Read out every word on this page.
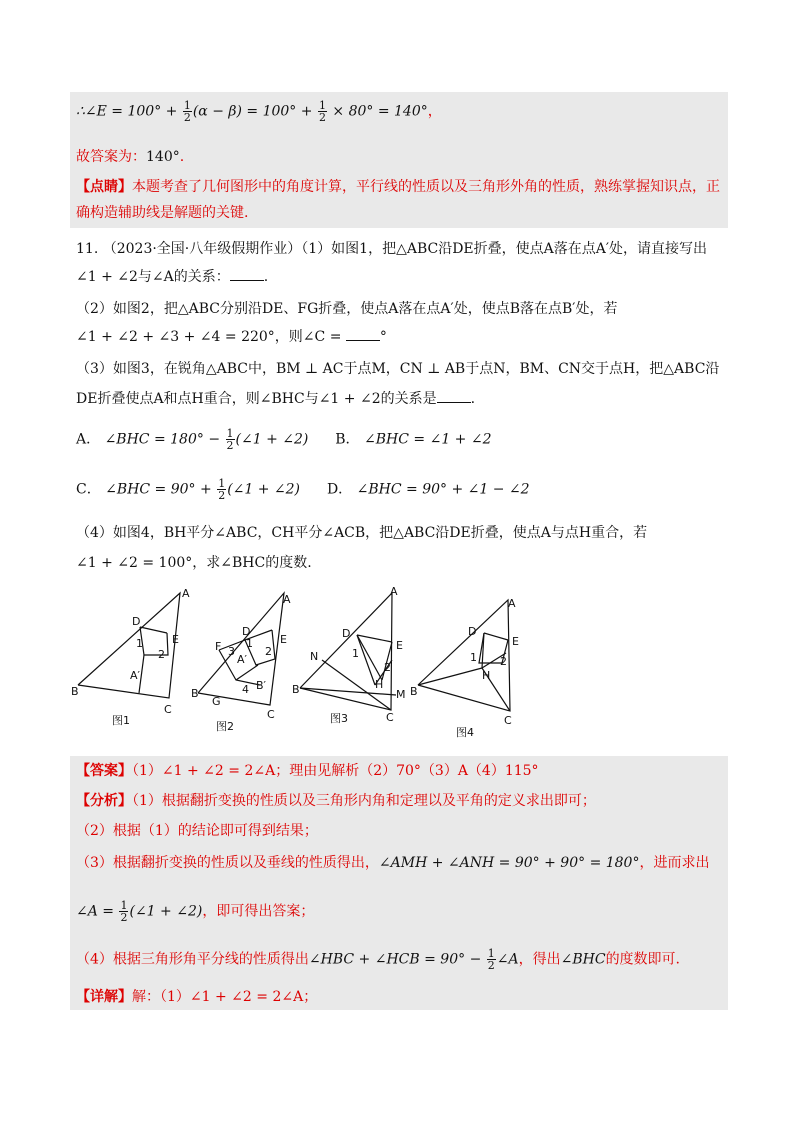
∴∠E = $100^\circ + \frac{1}{2} (\alpha - \beta) = 100^\circ + \frac{1}{2} \times 80^\circ = 140^\circ$，
故答案为：140°.
【点睛】本题考查了几何图形中的角度计算，平行线的性质以及三角形外角的性质，熟练掌握知识点，正
确构造辅助线是解题的关键.
11. （2023·全国·八年级假期作业）（1）如图1，把△ABC沿DE折叠，使点A落在点A′处，请直接写出
∠1 + ∠2与∠A的关系： .
（2）如图2，把△ABC分别沿DE、FG折叠，使点A落在点A′处，使点B落在点B′处，若
∠1 + ∠2 + ∠3 + ∠4 = 220°，则∠C = °
（3）如图3，在锐角△ABC中，BM ⊥ AC于点M，CN ⊥ AB于点N，BM、CN交于点H，把△ABC沿
DE折叠使点A和点H重合，则∠BHC与∠1 + ∠2的关系是 .
A． ∠BHC = $180^\circ - \frac{1}{2}$ (∠1 + ∠2) B． ∠BHC = ∠1 + ∠2
C． ∠BHC = $90^\circ + \frac{1}{2}$ (∠1 + ∠2) D． ∠BHC = 90° + ∠1 − ∠2
（4）如图4，BH平分∠ABC，CH平分∠ACB，把△ABC沿DE折叠，使点A与点H重合，若
∠1 + ∠2 = 100°，求∠BHC的度数.
A
D
E
B
C
A′
1
2
A
D
E
F
G
B
C
A′
B′
1
2
3
4
A
D
E
N
B
C
H
M
1
2
A
D
E
B
C
H
1 2
图1	图2
图3
图4
【答案】（1）∠1 + ∠2 = 2∠A；理由见解析（2）70°（3）A（4）115°
【分析】（1）根据翻折变换的性质以及三角形内角和定理以及平角的定义求出即可；
（2）根据（1）的结论即可得到结果；
（3）根据翻折变换的性质以及垂线的性质得出，∠AMH + ∠ANH = 90° + 90° = 180°，进而求出
∠A = $\frac{1}{2}$ (∠1 + ∠2)，即可得出答案；
（4）根据三角形角平分线的性质得出∠HBC + ∠HCB = $90^\circ - \frac{1}{2}$ ∠A，得出∠BHC的度数即可.
【详解】解：（1）∠1 + ∠2 = 2∠A；
